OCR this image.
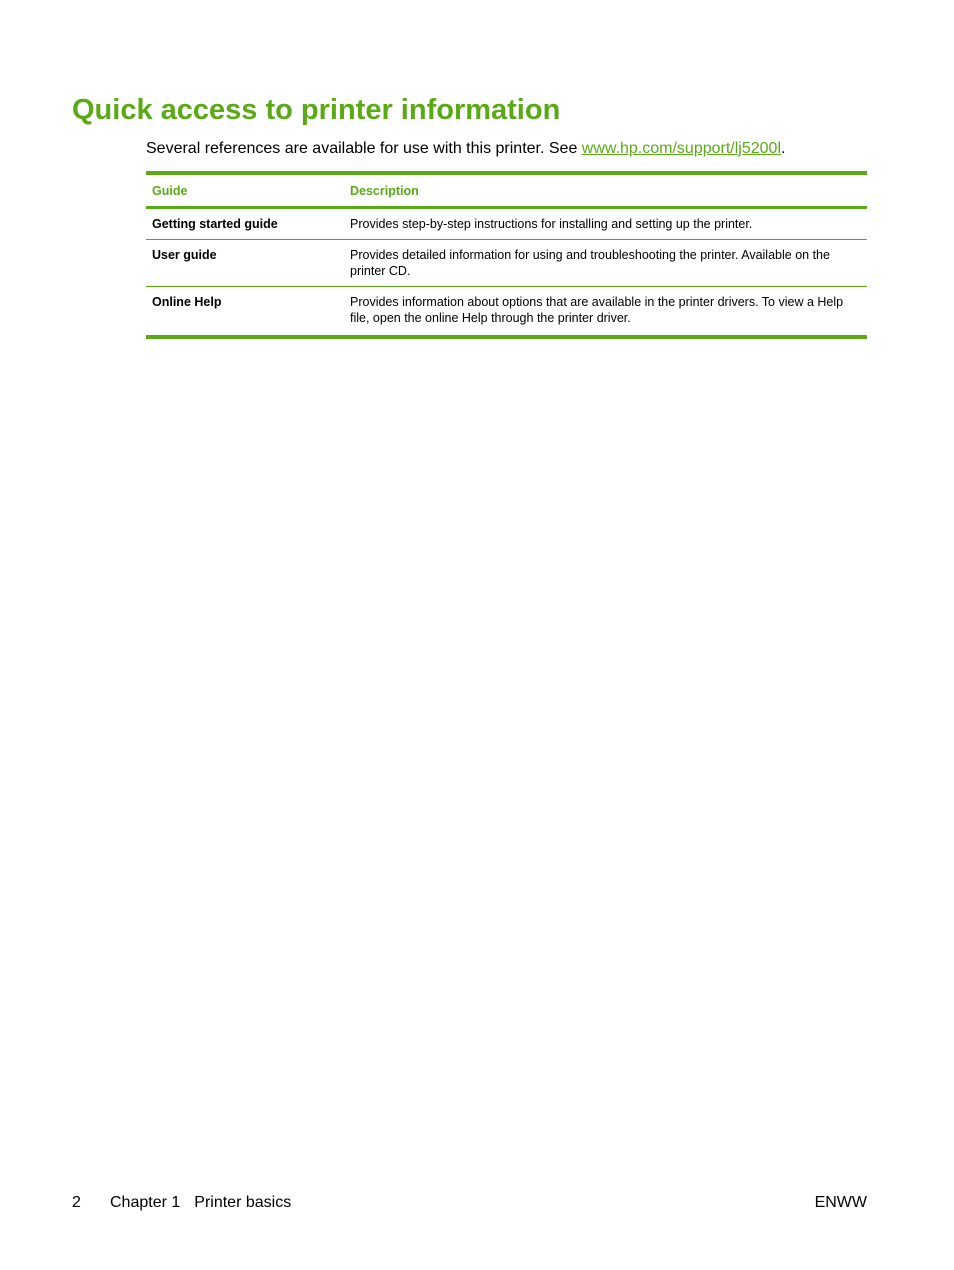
Quick access to printer information
Several references are available for use with this printer. See www.hp.com/support/lj5200l.
Guide	Description
Getting started guide	Provides step-by-step instructions for installing and setting up the printer.
User guide	Provides detailed information for using and troubleshooting the printer. Available on the printer CD.
Online Help	Provides information about options that are available in the printer drivers. To view a Help file, open the online Help through the printer driver.
2 Chapter 1 Printer basics	ENWW
